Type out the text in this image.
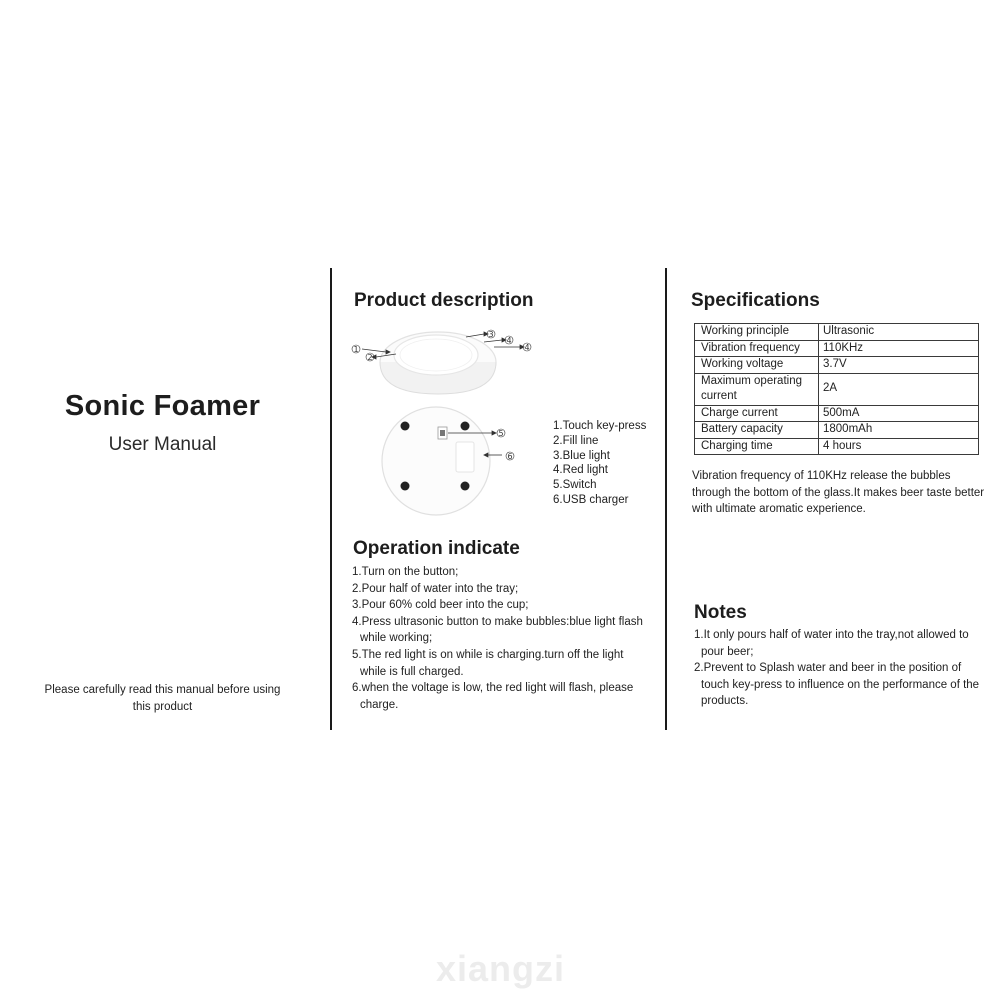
Sonic Foamer
User Manual
Please carefully read this manual before using this product
Product description
1
2
3
4
4
5
6
1.Touch key-press
2.Fill line
3.Blue light
4.Red light
5.Switch
6.USB charger
Operation indicate
1.Turn on the button;
2.Pour half of water into the tray;
3.Pour 60% cold beer into the cup;
4.Press ultrasonic button to make bubbles:blue light flash while working;
5.The red light is on while is charging.turn off the light while is full charged.
6.when the voltage is low, the red light will flash, please charge.
Specifications
Working principle	Ultrasonic
Vibration frequency	110KHz
Working voltage	3.7V
Maximum operating current	2A
Charge current	500mA
Battery capacity	1800mAh
Charging time	4 hours
Vibration frequency of 110KHz release the bubbles through the bottom of the glass.It makes beer taste better with ultimate aromatic experience.
Notes
1.It only pours half of water into the tray,not allowed to pour beer;
2.Prevent to Splash water and beer in the position of touch key-press to influence on the performance of the products.
xiangzi
